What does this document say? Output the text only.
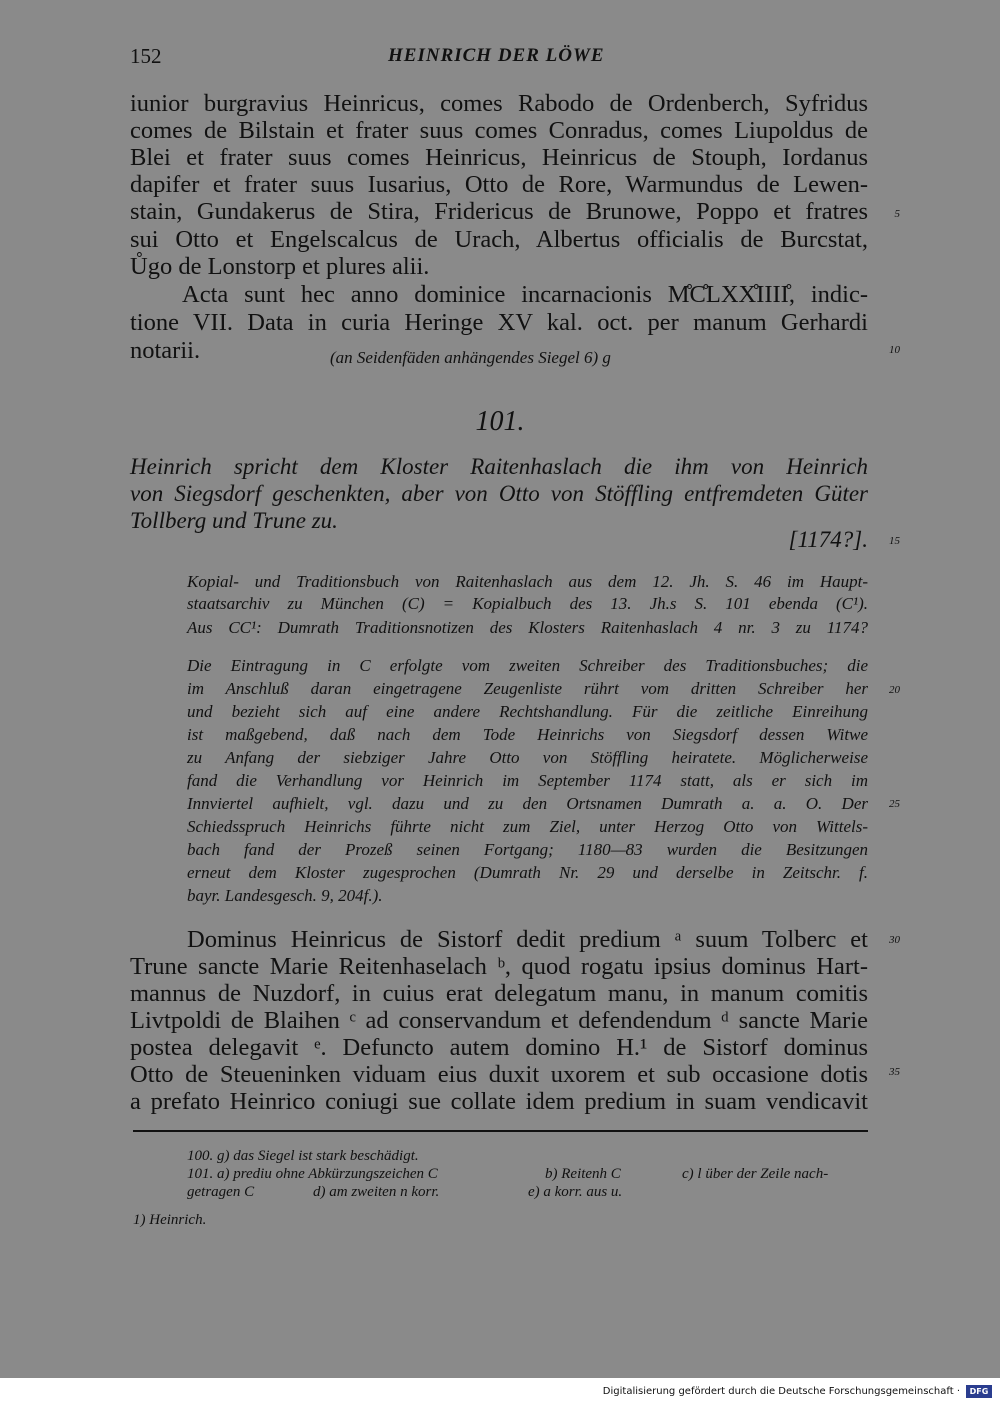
152	HEINRICH DER LÖWE
iunior burgravius Heinricus, comes Rabodo de Ordenberch, Syfridus
comes de Bilstain et frater suus comes Conradus, comes Liupoldus de
Blei et frater suus comes Heinricus, Heinricus de Stouph, Iordanus
dapifer et frater suus Iusarius, Otto de Rore, Warmundus de Lewen-
stain, Gundakerus de Stira, Fridericus de Brunowe, Poppo et fratres
sui Otto et Engelscalcus de Urach, Albertus officialis de Burcstat,
Ůgo de Lonstorp et plures alii.
Acta sunt hec anno dominice incarnacionis M̊C̊LXX̊IIII̊, indic-
tione VII. Data in curia Heringe XV kal. oct. per manum Gerhardi
notarii.	(an Seidenfäden anhängendes Siegel 6) g
5
10
15
20
25
30
35
101.
Heinrich spricht dem Kloster Raitenhaslach die ihm von Heinrich
von Siegsdorf geschenkten, aber von Otto von Stöffling entfremdeten Güter
Tollberg und Trune zu.
[1174?].
Kopial- und Traditionsbuch von Raitenhaslach aus dem 12. Jh. S. 46 im Haupt-
staatsarchiv zu München (C) = Kopialbuch des 13. Jh.s S. 101 ebenda (C¹).
Aus CC¹: Dumrath Traditionsnotizen des Klosters Raitenhaslach 4 nr. 3 zu 1174?
Die Eintragung in C erfolgte vom zweiten Schreiber des Traditionsbuches; die
im Anschluß daran eingetragene Zeugenliste rührt vom dritten Schreiber her
und bezieht sich auf eine andere Rechtshandlung. Für die zeitliche Einreihung
ist maßgebend, daß nach dem Tode Heinrichs von Siegsdorf dessen Witwe
zu Anfang der siebziger Jahre Otto von Stöffling heiratete. Möglicherweise
fand die Verhandlung vor Heinrich im September 1174 statt, als er sich im
Innviertel aufhielt, vgl. dazu und zu den Ortsnamen Dumrath a. a. O. Der
Schiedsspruch Heinrichs führte nicht zum Ziel, unter Herzog Otto von Wittels-
bach fand der Prozeß seinen Fortgang; 1180—83 wurden die Besitzungen
erneut dem Kloster zugesprochen (Dumrath Nr. 29 und derselbe in Zeitschr. f.
bayr. Landesgesch. 9, 204f.).
Dominus Heinricus de Sistorf dedit predium ᵃ suum Tolberc et
Trune sancte Marie Reitenhaselach ᵇ, quod rogatu ipsius dominus Hart-
mannus de Nuzdorf, in cuius erat delegatum manu, in manum comitis
Livtpoldi de Blaihen ᶜ ad conservandum et defendendum ᵈ sancte Marie
postea delegavit ᵉ. Defuncto autem domino H.¹ de Sistorf dominus
Otto de Steueninken viduam eius duxit uxorem et sub occasione dotis
a prefato Heinrico coniugi sue collate idem predium in suam vendicavit
100. g) das Siegel ist stark beschädigt.
101. a) prediu ohne Abkürzungszeichen C	b) Reitenh C	c) l über der Zeile nach-
getragen C	d) am zweiten n korr.	e) a korr. aus u.
1) Heinrich.
Digitalisierung gefördert durch die Deutsche Forschungsgemeinschaft ·	DFG
